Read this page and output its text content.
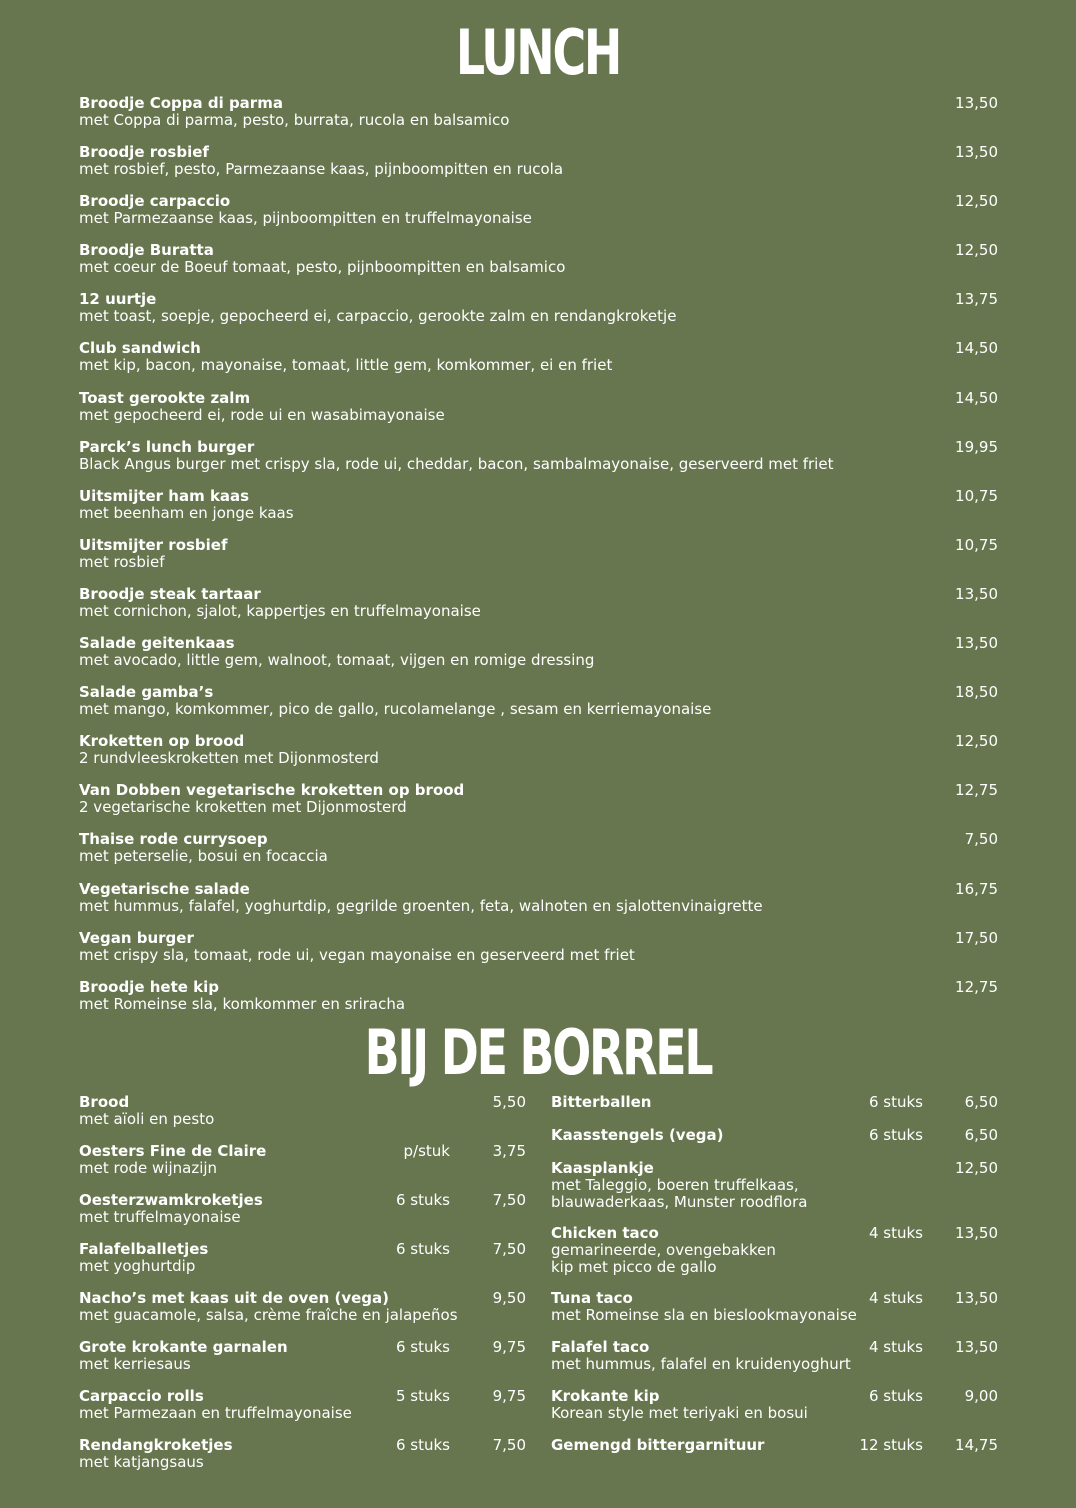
LUNCH
Broodje Coppa di parma
met Coppa di parma, pesto, burrata, rucola en balsamico
13,50
Broodje rosbief
met rosbief, pesto, Parmezaanse kaas, pijnboompitten en rucola
13,50
Broodje carpaccio
met Parmezaanse kaas, pijnboompitten en truffelmayonaise
12,50
Broodje Buratta
met coeur de Boeuf tomaat, pesto, pijnboompitten en balsamico
12,50
12 uurtje
met toast, soepje, gepocheerd ei, carpaccio, gerookte zalm en rendangkroketje
13,75
Club sandwich
met kip, bacon, mayonaise, tomaat, little gem, komkommer, ei en friet
14,50
Toast gerookte zalm
met gepocheerd ei, rode ui en wasabimayonaise
14,50
Parck’s lunch burger
Black Angus burger met crispy sla, rode ui, cheddar, bacon, sambalmayonaise, geserveerd met friet
19,95
Uitsmijter ham kaas
met beenham en jonge kaas
10,75
Uitsmijter rosbief
met rosbief
10,75
Broodje steak tartaar
met cornichon, sjalot, kappertjes en truffelmayonaise
13,50
Salade geitenkaas
met avocado, little gem, walnoot, tomaat, vijgen en romige dressing
13,50
Salade gamba’s
met mango, komkommer, pico de gallo, rucolamelange , sesam en kerriemayonaise
18,50
Kroketten op brood
2 rundvleeskroketten met Dijonmosterd
12,50
Van Dobben vegetarische kroketten op brood
2 vegetarische kroketten met Dijonmosterd
12,75
Thaise rode currysoep
met peterselie, bosui en focaccia
7,50
Vegetarische salade
met hummus, falafel, yoghurtdip, gegrilde groenten, feta, walnoten en sjalottenvinaigrette
16,75
Vegan burger
met crispy sla, tomaat, rode ui, vegan mayonaise en geserveerd met friet
17,50
Broodje hete kip
met Romeinse sla, komkommer en sriracha
12,75
BIJ DE BORREL
Brood
met aïoli en pesto
5,50
Oesters Fine de Claire
met rode wijnazijn
p/stuk	3,75
Oesterzwamkroketjes
met truffelmayonaise
6 stuks	7,50
Falafelballetjes
met yoghurtdip
6 stuks	7,50
Nacho’s met kaas uit de oven (vega)
met guacamole, salsa, crème fraîche en jalapeños
9,50
Grote krokante garnalen
met kerriesaus
6 stuks	9,75
Carpaccio rolls
met Parmezaan en truffelmayonaise
5 stuks	9,75
Rendangkroketjes
met katjangsaus
6 stuks	7,50
Bitterballen	6 stuks	6,50
Kaasstengels (vega)	6 stuks	6,50
Kaasplankje
met Taleggio, boeren truffelkaas,
blauwaderkaas, Munster roodflora
12,50
Chicken taco
gemarineerde, ovengebakken
kip met picco de gallo
4 stuks 13,50
Tuna taco
met Romeinse sla en bieslookmayonaise
4 stuks 13,50
Falafel taco
met hummus, falafel en kruidenyoghurt
4 stuks 13,50
Krokante kip
Korean style met teriyaki en bosui
6 stuks	9,00
Gemengd bittergarnituur	12 stuks 14,75
